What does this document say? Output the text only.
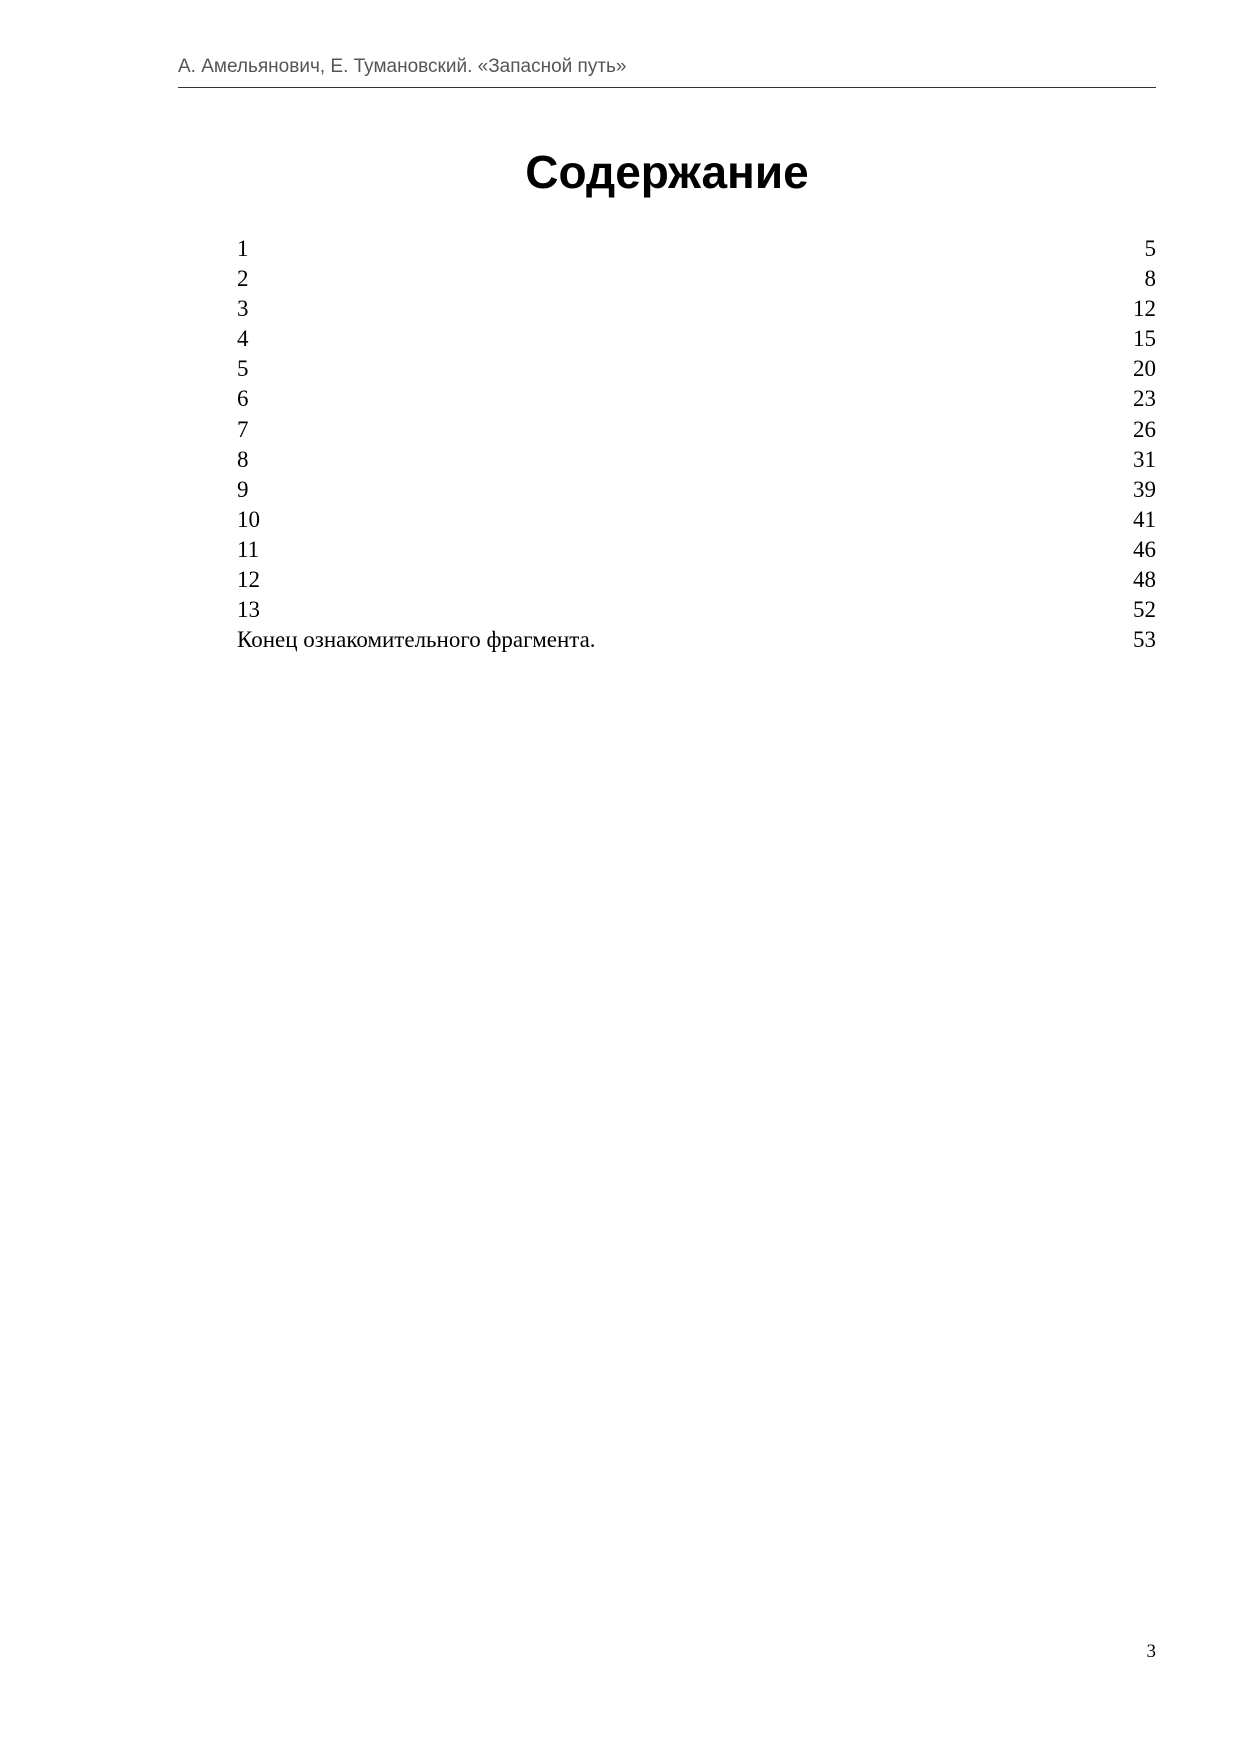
А. Амельянович, Е. Тумановский. «Запасной путь»
Содержание
1	5
2	8
3	12
4	15
5	20
6	23
7	26
8	31
9	39
10	41
11	46
12	48
13	52
Конец ознакомительного фрагмента.	53
3
